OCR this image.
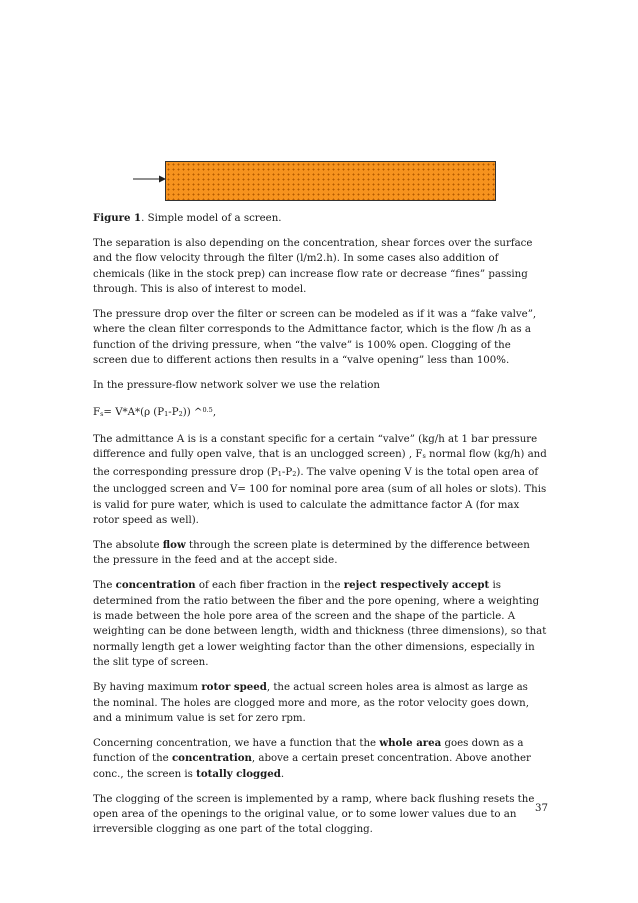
Figure 1. Simple model of a screen.

The separation is also depending on the concentration, shear forces over the surface and the flow velocity through the filter (l/m2.h). In some cases also addition of chemicals (like in the stock prep) can increase flow rate or decrease “fines” passing through. This is also of interest to model.

The pressure drop over the filter or screen can be modeled as if it was a “fake valve”, where the clean filter corresponds to the Admittance factor, which is the flow /h as a function of the driving pressure, when “the valve” is 100% open. Clogging of the screen due to different actions then results in a “valve opening” less than 100%.

In the pressure-flow network solver we use the relation

$F_s= V*A*(\rho$ $(P_1-P_2)$) ^$^{0.5}$,

The admittance A is is a constant specific for a certain “valve” (kg/h at 1 bar pressure difference and fully open valve, that is an unclogged screen) , $F_s$ normal flow (kg/h) and the corresponding pressure drop $(P_1-P_2)$. The valve opening V is the total open area of the unclogged screen and V= 100 for nominal pore area (sum of all holes or slots). This is valid for pure water, which is used to calculate the admittance factor A (for max rotor speed as well).

The absolute flow through the screen plate is determined by the difference between the pressure in the feed and at the accept side.

The concentration of each fiber fraction in the reject respectively accept is determined from the ratio between the fiber and the pore opening, where a weighting is made between the hole pore area of the screen and the shape of the particle. A weighting can be done between length, width and thickness (three dimensions), so that normally length get a lower weighting factor than the other dimensions, especially in the slit type of screen.

By having maximum rotor speed, the actual screen holes area is almost as large as the nominal. The holes are clogged more and more, as the rotor velocity goes down, and a minimum value is set for zero rpm.

Concerning concentration, we have a function that the whole area goes down as a function of the concentration, above a certain preset concentration. Above another conc., the screen is totally clogged.

The clogging of the screen is implemented by a ramp, where back flushing resets the open area of the openings to the original value, or to some lower values due to an irreversible clogging as one part of the total clogging.

37
